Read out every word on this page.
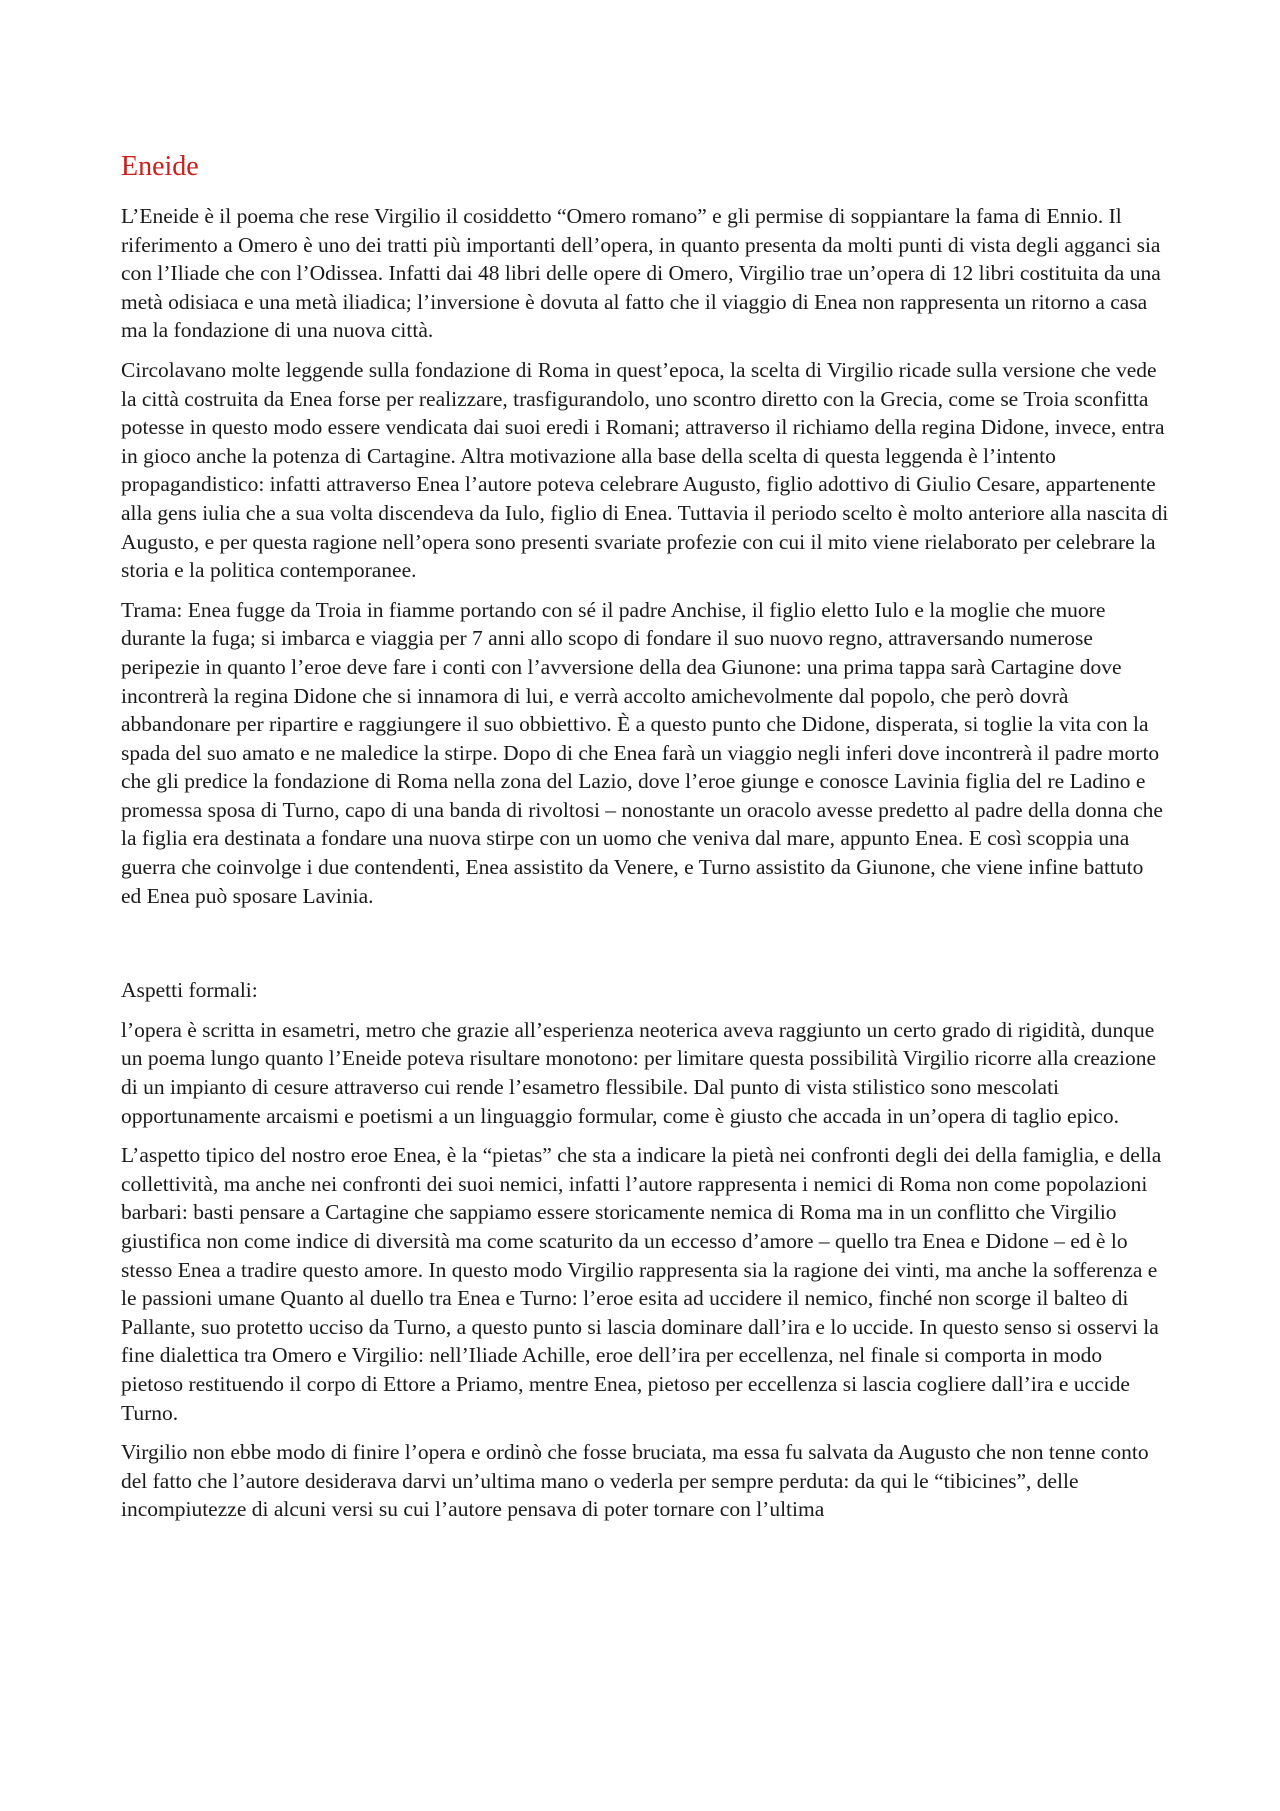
Eneide

L’Eneide è il poema che rese Virgilio il cosiddetto “Omero romano” e gli permise di soppiantare la fama di Ennio. Il riferimento a Omero è uno dei tratti più importanti dell’opera, in quanto presenta da molti punti di vista degli agganci sia con l’Iliade che con l’Odissea. Infatti dai 48 libri delle opere di Omero, Virgilio trae un’opera di 12 libri costituita da una metà odisiaca e una metà iliadica; l’inversione è dovuta al fatto che il viaggio di Enea non rappresenta un ritorno a casa ma la fondazione di una nuova città.

Circolavano molte leggende sulla fondazione di Roma in quest’epoca, la scelta di Virgilio ricade sulla versione che vede la città costruita da Enea forse per realizzare, trasfigurandolo, uno scontro diretto con la Grecia, come se Troia sconfitta potesse in questo modo essere vendicata dai suoi eredi i Romani; attraverso il richiamo della regina Didone, invece, entra in gioco anche la potenza di Cartagine. Altra motivazione alla base della scelta di questa leggenda è l’intento propagandistico: infatti attraverso Enea l’autore poteva celebrare Augusto, figlio adottivo di Giulio Cesare, appartenente alla gens iulia che a sua volta discendeva da Iulo, figlio di Enea. Tuttavia il periodo scelto è molto anteriore alla nascita di Augusto, e per questa ragione nell’opera sono presenti svariate profezie con cui il mito viene rielaborato per celebrare la storia e la politica contemporanee.

Trama: Enea fugge da Troia in fiamme portando con sé il padre Anchise, il figlio eletto Iulo e la moglie che muore durante la fuga; si imbarca e viaggia per 7 anni allo scopo di fondare il suo nuovo regno, attraversando numerose peripezie in quanto l’eroe deve fare i conti con l’avversione della dea Giunone: una prima tappa sarà Cartagine dove incontrerà la regina Didone che si innamora di lui, e verrà accolto amichevolmente dal popolo, che però dovrà abbandonare per ripartire e raggiungere il suo obbiettivo. È a questo punto che Didone, disperata, si toglie la vita con la spada del suo amato e ne maledice la stirpe. Dopo di che Enea farà un viaggio negli inferi dove incontrerà il padre morto che gli predice la fondazione di Roma nella zona del Lazio, dove l’eroe giunge e conosce Lavinia figlia del re Ladino e promessa sposa di Turno, capo di una banda di rivoltosi – nonostante un oracolo avesse predetto al padre della donna che la figlia era destinata a fondare una nuova stirpe con un uomo che veniva dal mare, appunto Enea. E così scoppia una guerra che coinvolge i due contendenti, Enea assistito da Venere, e Turno assistito da Giunone, che viene infine battuto ed Enea può sposare Lavinia.

Aspetti formali:

l’opera è scritta in esametri, metro che grazie all’esperienza neoterica aveva raggiunto un certo grado di rigidità, dunque un poema lungo quanto l’Eneide poteva risultare monotono: per limitare questa possibilità Virgilio ricorre alla creazione di un impianto di cesure attraverso cui rende l’esametro flessibile. Dal punto di vista stilistico sono mescolati opportunamente arcaismi e poetismi a un linguaggio formular, come è giusto che accada in un’opera di taglio epico.

L’aspetto tipico del nostro eroe Enea, è la “pietas” che sta a indicare la pietà nei confronti degli dei della famiglia, e della collettività, ma anche nei confronti dei suoi nemici, infatti l’autore rappresenta i nemici di Roma non come popolazioni barbari: basti pensare a Cartagine che sappiamo essere storicamente nemica di Roma ma in un conflitto che Virgilio giustifica non come indice di diversità ma come scaturito da un eccesso d’amore – quello tra Enea e Didone – ed è lo stesso Enea a tradire questo amore. In questo modo Virgilio rappresenta sia la ragione dei vinti, ma anche la sofferenza e le passioni umane Quanto al duello tra Enea e Turno: l’eroe esita ad uccidere il nemico, finché non scorge il balteo di Pallante, suo protetto ucciso da Turno, a questo punto si lascia dominare dall’ira e lo uccide. In questo senso si osservi la fine dialettica tra Omero e Virgilio: nell’Iliade Achille, eroe dell’ira per eccellenza, nel finale si comporta in modo pietoso restituendo il corpo di Ettore a Priamo, mentre Enea, pietoso per eccellenza si lascia cogliere dall’ira e uccide Turno.

Virgilio non ebbe modo di finire l’opera e ordinò che fosse bruciata, ma essa fu salvata da Augusto che non tenne conto del fatto che l’autore desiderava darvi un’ultima mano o vederla per sempre perduta: da qui le “tibicines”, delle incompiutezze di alcuni versi su cui l’autore pensava di poter tornare con l’ultima
